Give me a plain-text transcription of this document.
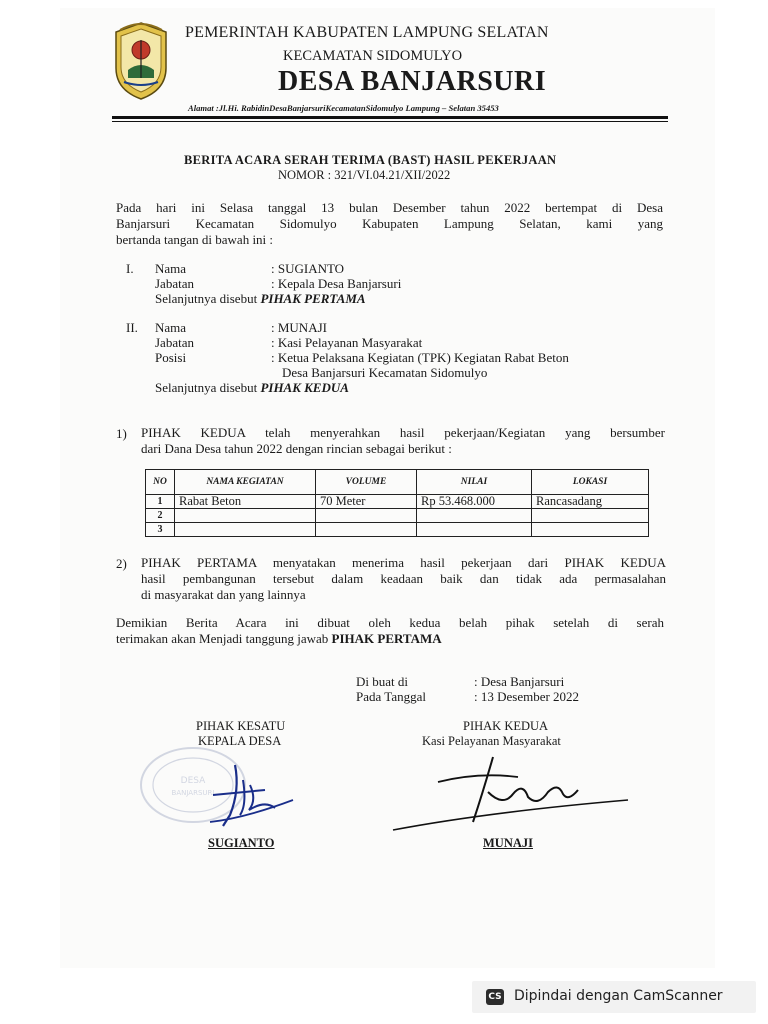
PEMERINTAH KABUPATEN LAMPUNG SELATAN
KECAMATAN SIDOMULYO
DESA BANJARSURI
Alamat :Jl.Hi. RabidinDesaBanjarsuriKecamatanSidomulyo Lampung – Selatan 35453
BERITA ACARA SERAH TERIMA (BAST) HASIL PEKERJAAN
NOMOR : 321/VI.04.21/XII/2022
Pada hari ini Selasa tanggal 13 bulan Desember tahun 2022 bertempat di Desa
Banjarsuri Kecamatan Sidomulyo Kabupaten Lampung Selatan, kami yang
bertanda tangan di bawah ini :
I. Nama	: SUGIANTO
Jabatan	: Kepala Desa Banjarsuri
Selanjutnya disebut PIHAK PERTAMA
II. Nama	: MUNAJI
Jabatan	: Kasi Pelayanan Masyarakat
Posisi	: Ketua Pelaksana Kegiatan (TPK) Kegiatan Rabat Beton
Desa Banjarsuri Kecamatan Sidomulyo
Selanjutnya disebut PIHAK KEDUA
1) PIHAK KEDUA telah menyerahkan hasil pekerjaan/Kegiatan yang bersumber
dari Dana Desa tahun 2022 dengan rincian sebagai berikut :
NO	NAMA KEGIATAN	VOLUME	NILAI	LOKASI
1	Rabat Beton	70 Meter	Rp 53.468.000	Rancasadang
2				
3				
2) PIHAK PERTAMA menyatakan menerima hasil pekerjaan dari PIHAK KEDUA
hasil pembangunan tersebut dalam keadaan baik dan tidak ada permasalahan
di masyarakat dan yang lainnya
Demikian Berita Acara ini dibuat oleh kedua belah pihak setelah di serah
terimakan akan Menjadi tanggung jawab PIHAK PERTAMA
Di buat di	: Desa Banjarsuri
Pada Tanggal	: 13 Desember 2022
PIHAK KESATU
KEPALA DESA
PIHAK KEDUA
Kasi Pelayanan Masyarakat
DESA
BANJARSURI
SUGIANTO	MUNAJI
CS Dipindai dengan CamScanner
